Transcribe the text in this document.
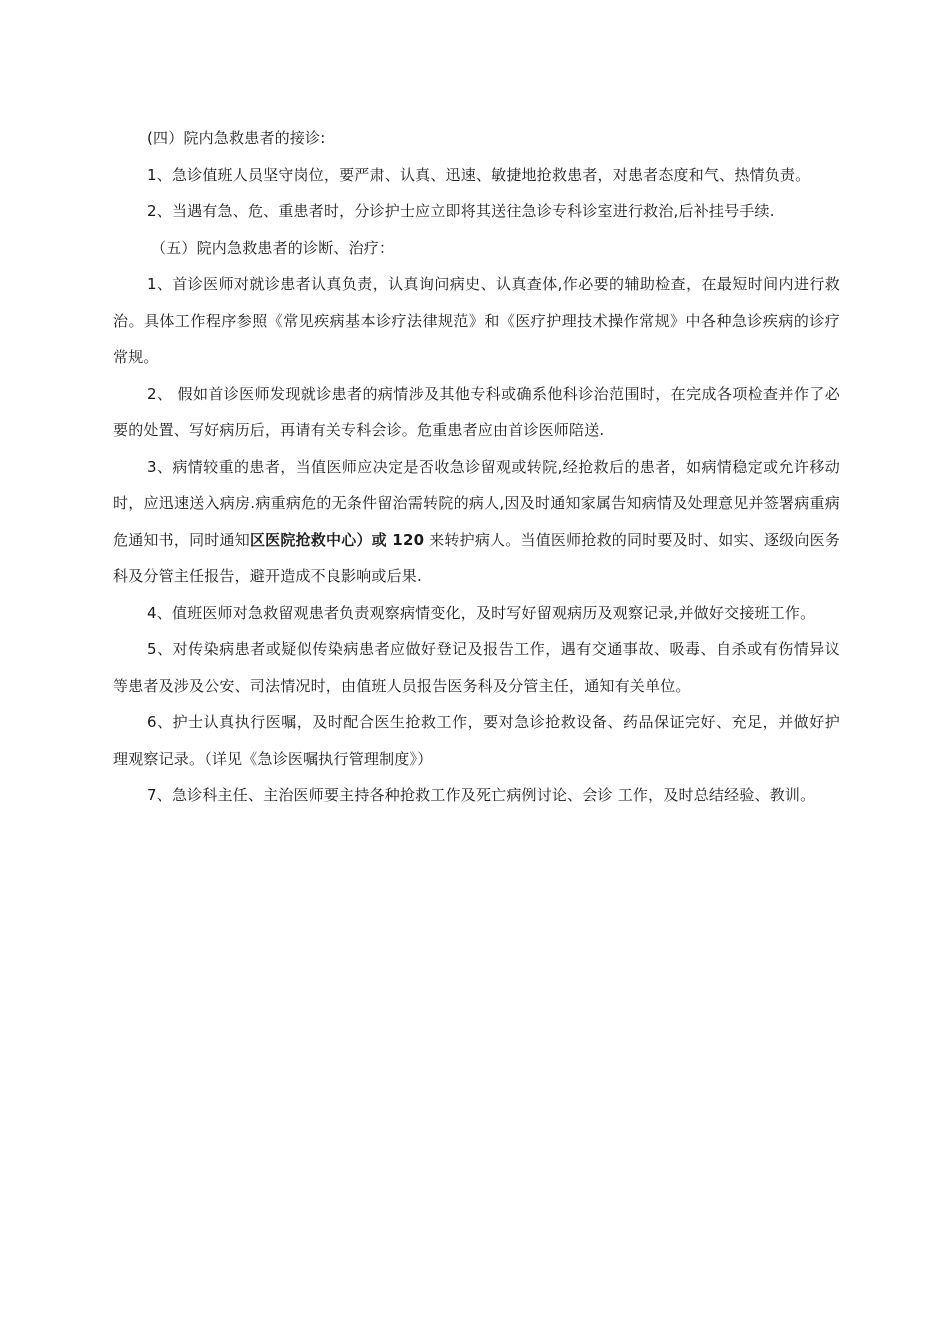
(四）院内急救患者的接诊:

1、急诊值班人员坚守岗位，要严肃、认真、迅速、敏捷地抢救患者，对患者态度和气、热情负责。

2、当遇有急、危、重患者时，分诊护士应立即将其送往急诊专科诊室进行救治,后补挂号手续.

（五）院内急救患者的诊断、治疗：

1、首诊医师对就诊患者认真负责，认真询问病史、认真查体,作必要的辅助检查，在最短时间内进行救治。具体工作程序参照《常见疾病基本诊疗法律规范》和《医疗护理技术操作常规》中各种急诊疾病的诊疗常规。

2、 假如首诊医师发现就诊患者的病情涉及其他专科或确系他科诊治范围时，在完成各项检查并作了必要的处置、写好病历后，再请有关专科会诊。危重患者应由首诊医师陪送.

3、病情较重的患者，当值医师应决定是否收急诊留观或转院,经抢救后的患者，如病情稳定或允许移动时，应迅速送入病房.病重病危的无条件留治需转院的病人,因及时通知家属告知病情及处理意见并签署病重病危通知书，同时通知区医院抢救中心）或 120 来转护病人。当值医师抢救的同时要及时、如实、逐级向医务科及分管主任报告，避开造成不良影响或后果.

4、值班医师对急救留观患者负责观察病情变化，及时写好留观病历及观察记录,并做好交接班工作。

5、对传染病患者或疑似传染病患者应做好登记及报告工作，遇有交通事故、吸毒、自杀或有伤情异议等患者及涉及公安、司法情况时，由值班人员报告医务科及分管主任，通知有关单位。

6、护士认真执行医嘱，及时配合医生抢救工作，要对急诊抢救设备、药品保证完好、充足，并做好护理观察记录。（详见《急诊医嘱执行管理制度》）

7、急诊科主任、主治医师要主持各种抢救工作及死亡病例讨论、会诊 工作，及时总结经验、教训。
